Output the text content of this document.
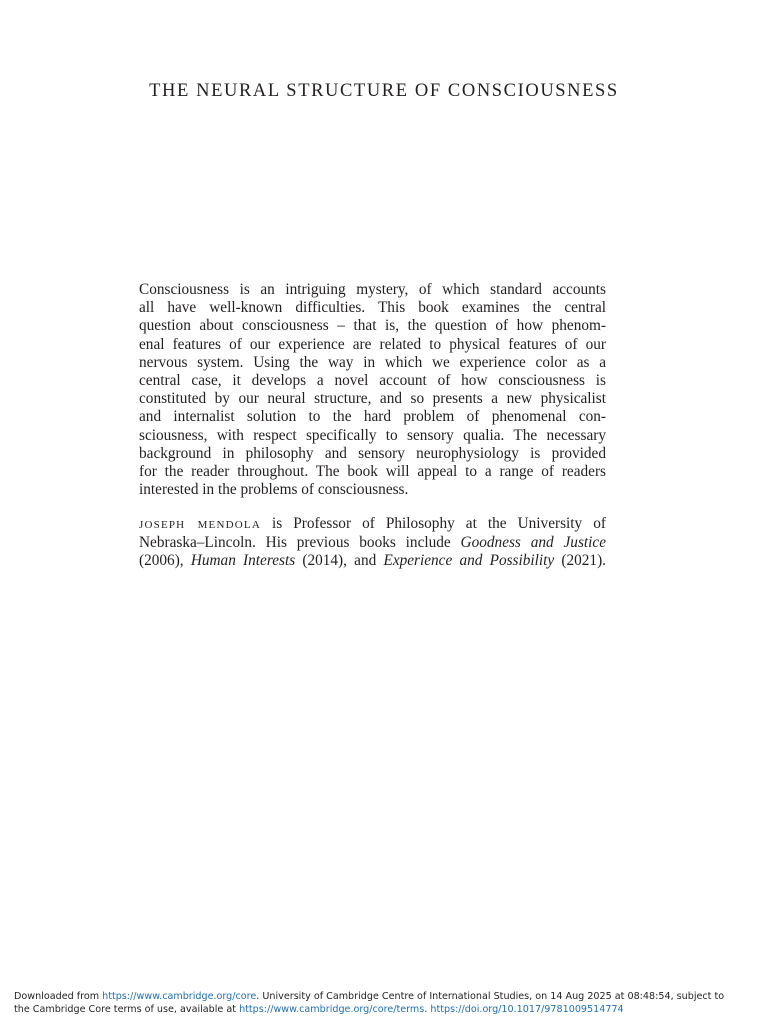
THE NEURAL STRUCTURE OF CONSCIOUSNESS

Consciousness is an intriguing mystery, of which standard accounts

all have well-known difficulties. This book examines the central

question about consciousness – that is, the question of how phenom-

enal features of our experience are related to physical features of our

nervous system. Using the way in which we experience color as a

central case, it develops a novel account of how consciousness is

constituted by our neural structure, and so presents a new physicalist

and internalist solution to the hard problem of phenomenal con-

sciousness, with respect specifically to sensory qualia. The necessary

background in philosophy and sensory neurophysiology is provided

for the reader throughout. The book will appeal to a range of readers

interested in the problems of consciousness.

joseph mendola is Professor of Philosophy at the University of

Nebraska–Lincoln. His previous books include Goodness and Justice

(2006), Human Interests (2014), and Experience and Possibility (2021).

Downloaded from https://www.cambridge.org/core. University of Cambridge Centre of International Studies, on 14 Aug 2025 at 08:48:54, subject to
the Cambridge Core terms of use, available at https://www.cambridge.org/core/terms. https://doi.org/10.1017/9781009514774
